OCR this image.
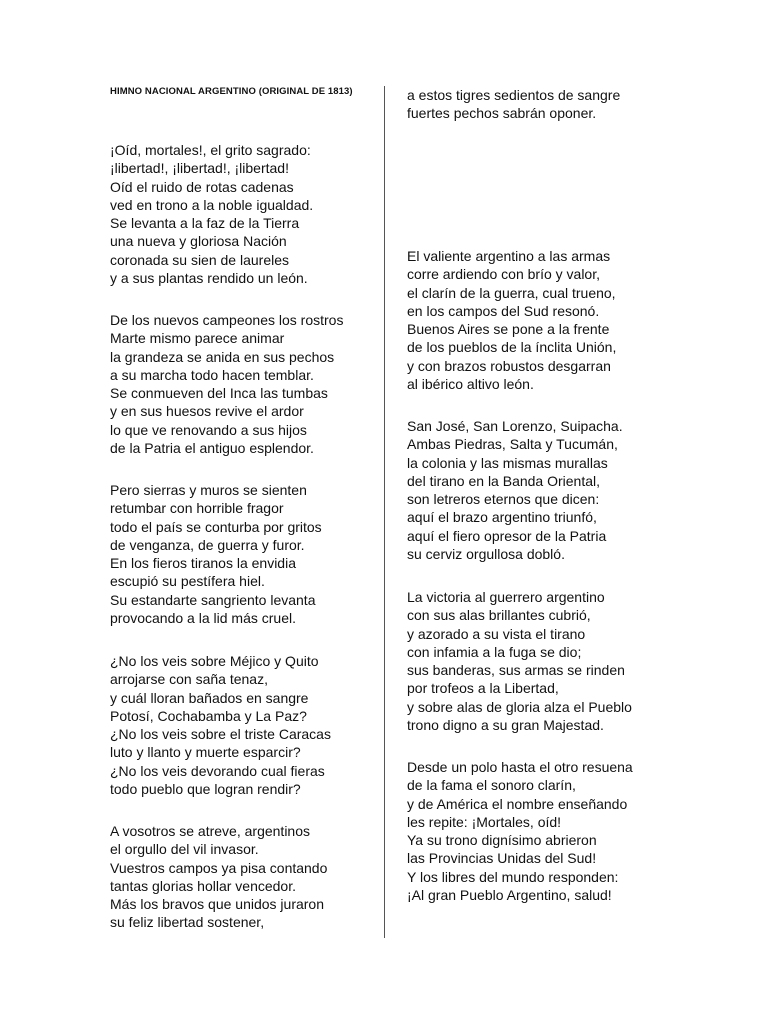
HIMNO NACIONAL ARGENTINO (ORIGINAL DE 1813)
¡Oíd, mortales!, el grito sagrado:
¡libertad!, ¡libertad!, ¡libertad!
Oíd el ruido de rotas cadenas
ved en trono a la noble igualdad.
Se levanta a la faz de la Tierra
una nueva y gloriosa Nación
coronada su sien de laureles
y a sus plantas rendido un león.
De los nuevos campeones los rostros
Marte mismo parece animar
la grandeza se anida en sus pechos
a su marcha todo hacen temblar.
Se conmueven del Inca las tumbas
y en sus huesos revive el ardor
lo que ve renovando a sus hijos
de la Patria el antiguo esplendor.
Pero sierras y muros se sienten
retumbar con horrible fragor
todo el país se conturba por gritos
de venganza, de guerra y furor.
En los fieros tiranos la envidia
escupió su pestífera hiel.
Su estandarte sangriento levanta
provocando a la lid más cruel.
¿No los veis sobre Méjico y Quito
arrojarse con saña tenaz,
y cuál lloran bañados en sangre
Potosí, Cochabamba y La Paz?
¿No los veis sobre el triste Caracas
luto y llanto y muerte esparcir?
¿No los veis devorando cual fieras
todo pueblo que logran rendir?
A vosotros se atreve, argentinos
el orgullo del vil invasor.
Vuestros campos ya pisa contando
tantas glorias hollar vencedor.
Más los bravos que unidos juraron
su feliz libertad sostener,
a estos tigres sedientos de sangre
fuertes pechos sabrán oponer.
El valiente argentino a las armas
corre ardiendo con brío y valor,
el clarín de la guerra, cual trueno,
en los campos del Sud resonó.
Buenos Aires se pone a la frente
de los pueblos de la ínclita Unión,
y con brazos robustos desgarran
al ibérico altivo león.
San José, San Lorenzo, Suipacha.
Ambas Piedras, Salta y Tucumán,
la colonia y las mismas murallas
del tirano en la Banda Oriental,
son letreros eternos que dicen:
aquí el brazo argentino triunfó,
aquí el fiero opresor de la Patria
su cerviz orgullosa dobló.
La victoria al guerrero argentino
con sus alas brillantes cubrió,
y azorado a su vista el tirano
con infamia a la fuga se dio;
sus banderas, sus armas se rinden
por trofeos a la Libertad,
y sobre alas de gloria alza el Pueblo
trono digno a su gran Majestad.
Desde un polo hasta el otro resuena
de la fama el sonoro clarín,
y de América el nombre enseñando
les repite: ¡Mortales, oíd!
Ya su trono dignísimo abrieron
las Provincias Unidas del Sud!
Y los libres del mundo responden:
¡Al gran Pueblo Argentino, salud!
